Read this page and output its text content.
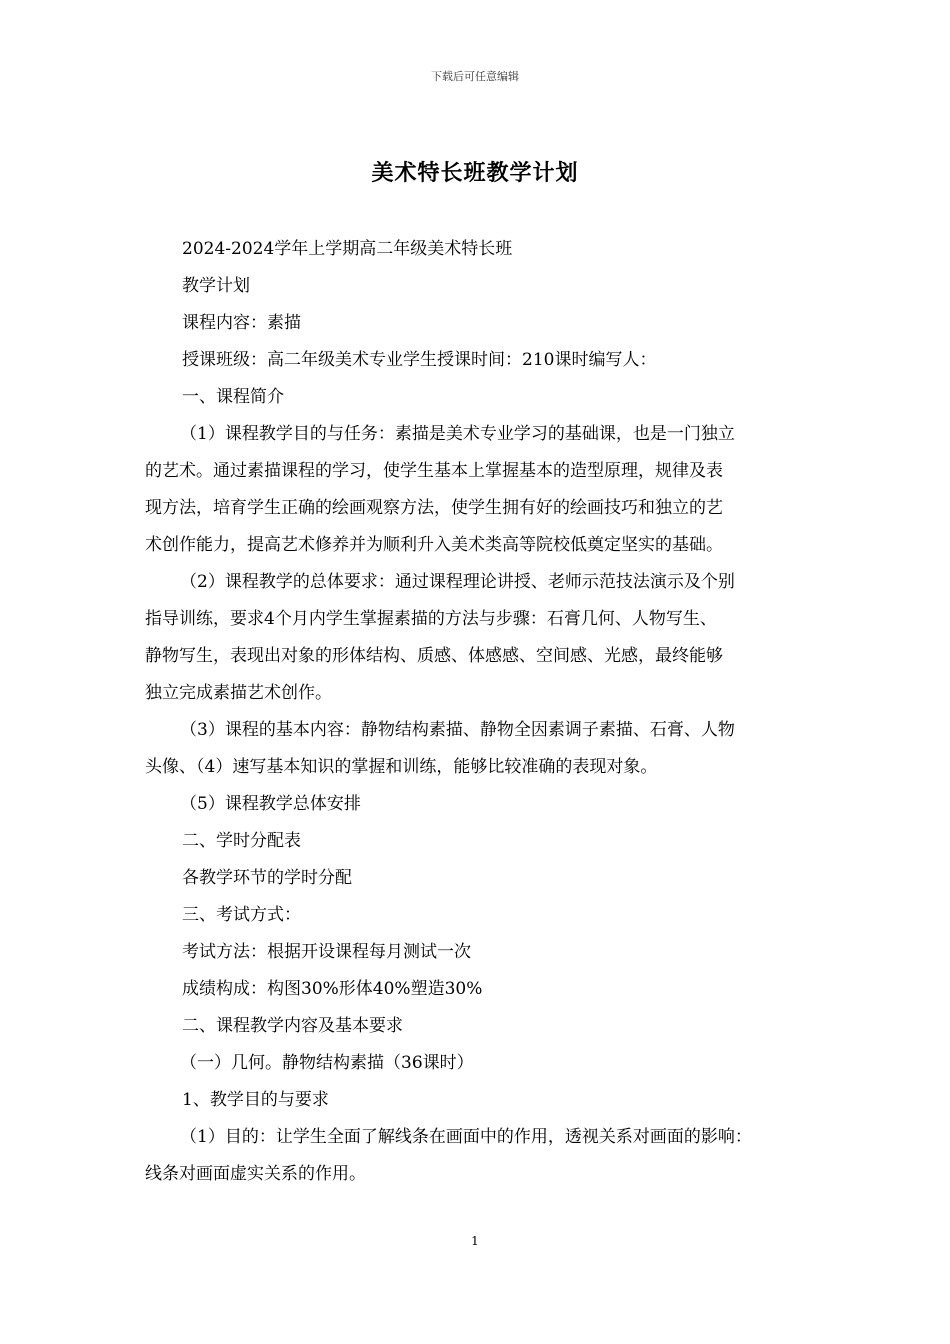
下载后可任意编辑
美术特长班教学计划
2024-2024学年上学期高二年级美术特长班
教学计划
课程内容：素描
授课班级：高二年级美术专业学生授课时间：210课时编写人：
一、课程简介
（1）课程教学目的与任务：素描是美术专业学习的基础课，也是一门独立
的艺术。通过素描课程的学习，使学生基本上掌握基本的造型原理，规律及表
现方法，培育学生正确的绘画观察方法，使学生拥有好的绘画技巧和独立的艺
术创作能力，提高艺术修养并为顺利升入美术类高等院校低奠定坚实的基础。
（2）课程教学的总体要求：通过课程理论讲授、老师示范技法演示及个别
指导训练，要求4个月内学生掌握素描的方法与步骤：石膏几何、人物写生、
静物写生，表现出对象的形体结构、质感、体感感、空间感、光感，最终能够
独立完成素描艺术创作。
（3）课程的基本内容：静物结构素描、静物全因素调子素描、石膏、人物
头像、（4）速写基本知识的掌握和训练，能够比较准确的表现对象。
（5）课程教学总体安排
二、学时分配表
各教学环节的学时分配
三、考试方式：
考试方法：根据开设课程每月测试一次
成绩构成：构图30%形体40%塑造30%
二、课程教学内容及基本要求
（一）几何。静物结构素描（36课时）
1、教学目的与要求
（1）目的：让学生全面了解线条在画面中的作用，透视关系对画面的影响：
线条对画面虚实关系的作用。
1
